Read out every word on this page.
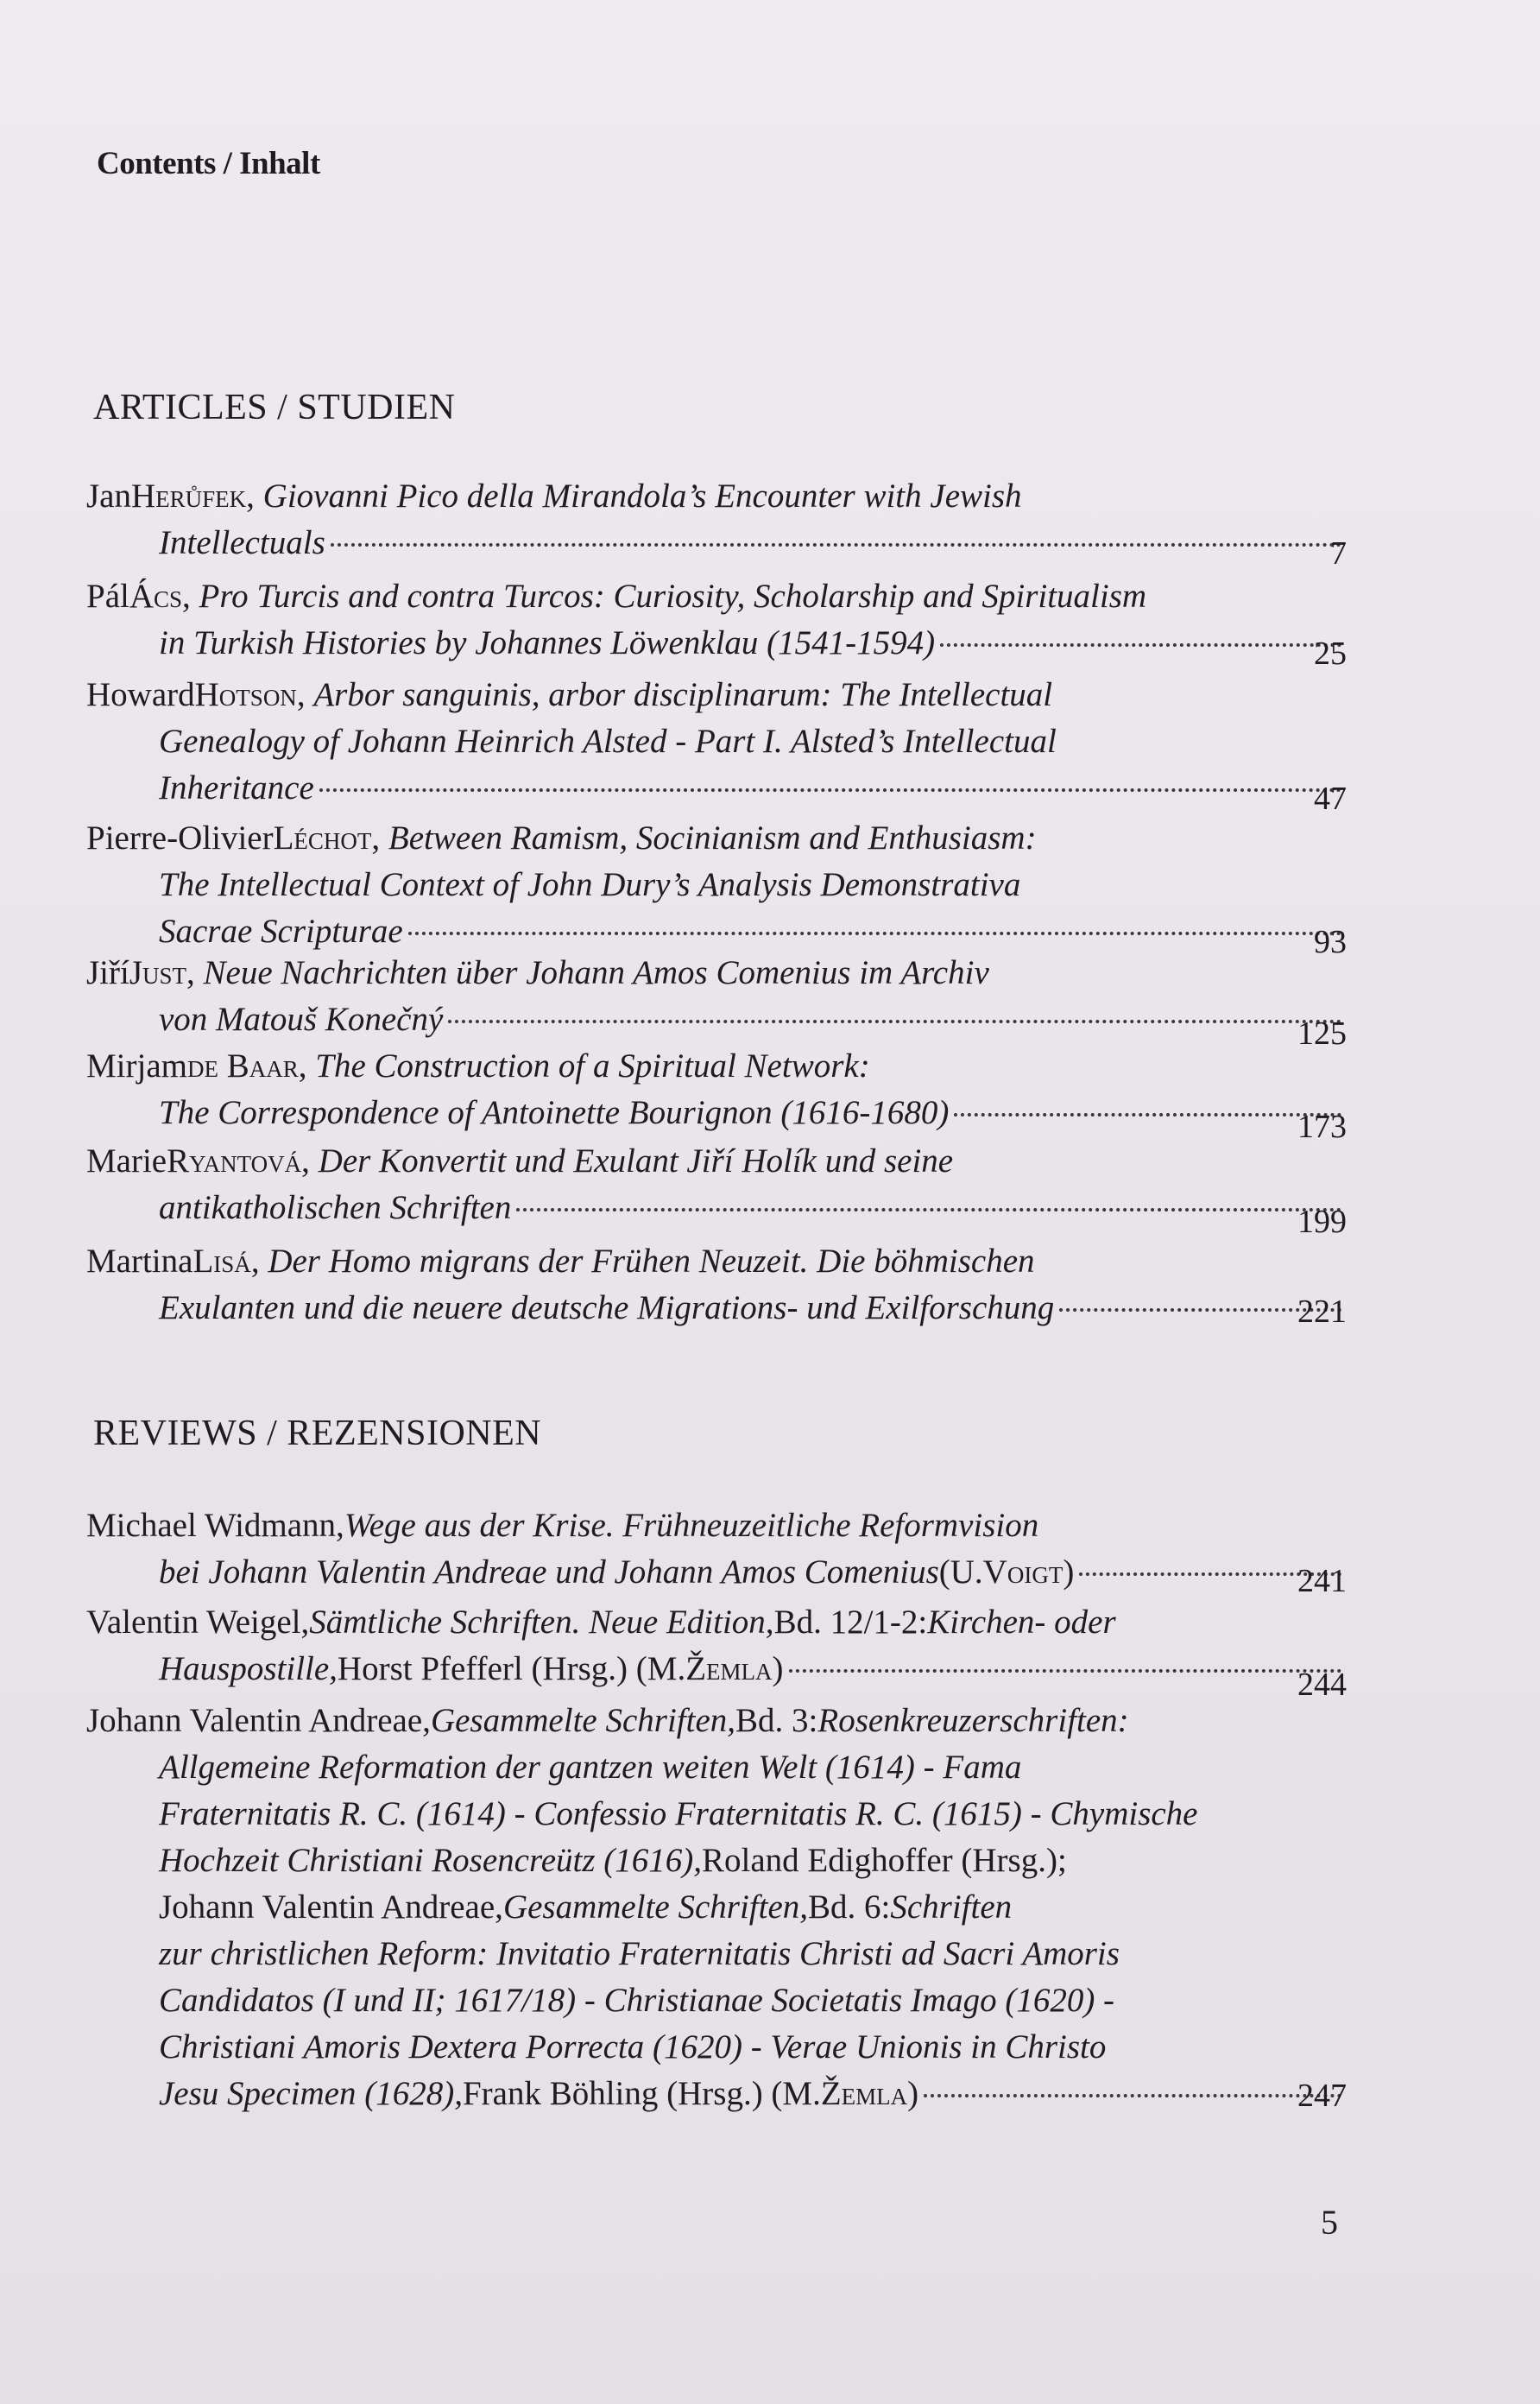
Contents / Inhalt
ARTICLES / STUDIEN
Jan Herůfek , Giovanni Pico della Mirandola’s Encounter with Jewish
Intellectuals	7
Pál Ács , Pro Turcis and contra Turcos: Curiosity, Scholarship and Spiritualism
in Turkish Histories by Johannes Löwenklau (1541-1594)	25
Howard Hotson , Arbor sanguinis, arbor disciplinarum: The Intellectual
Genealogy of Johann Heinrich Alsted - Part I. Alsted’s Intellectual
Inheritance	47
Pierre-Olivier Léchot , Between Ramism, Socinianism and Enthusiasm:
The Intellectual Context of John Dury’s Analysis Demonstrativa
Sacrae Scripturae	93
Jiří Just , Neue Nachrichten über Johann Amos Comenius im Archiv
von Matouš Konečný	125
Mirjam de Baar , The Construction of a Spiritual Network:
The Correspondence of Antoinette Bourignon (1616-1680)	173
Marie Ryantová , Der Konvertit und Exulant Jiří Holík und seine
antikatholischen Schriften	199
Martina Lisá , Der Homo migrans der Frühen Neuzeit. Die böhmischen
Exulanten und die neuere deutsche Migrations- und Exilforschung	221
REVIEWS / REZENSIONEN
Michael Widmann, Wege aus der Krise. Frühneuzeitliche Reformvision
bei Johann Valentin Andreae und Johann Amos Comenius (U. Voigt )	241
Valentin Weigel, Sämtliche Schriften. Neue Edition, Bd. 12/1-2: Kirchen- oder
Hauspostille, Horst Pfefferl (Hrsg.) (M. Žemla )	244
Johann Valentin Andreae, Gesammelte Schriften, Bd. 3: Rosenkreuzerschriften:
Allgemeine Reformation der gantzen weiten Welt (1614) - Fama
Fraternitatis R. C. (1614) - Confessio Fraternitatis R. C. (1615) - Chymische
Hochzeit Christiani Rosencreütz (1616), Roland Edighoffer (Hrsg.);
Johann Valentin Andreae, Gesammelte Schriften, Bd. 6: Schriften
zur christlichen Reform: Invitatio Fraternitatis Christi ad Sacri Amoris
Candidatos (I und II; 1617/18) - Christianae Societatis Imago (1620) -
Christiani Amoris Dextera Porrecta (1620) - Verae Unionis in Christo
Jesu Specimen (1628), Frank Böhling (Hrsg.) (M. Žemla )	247
5
